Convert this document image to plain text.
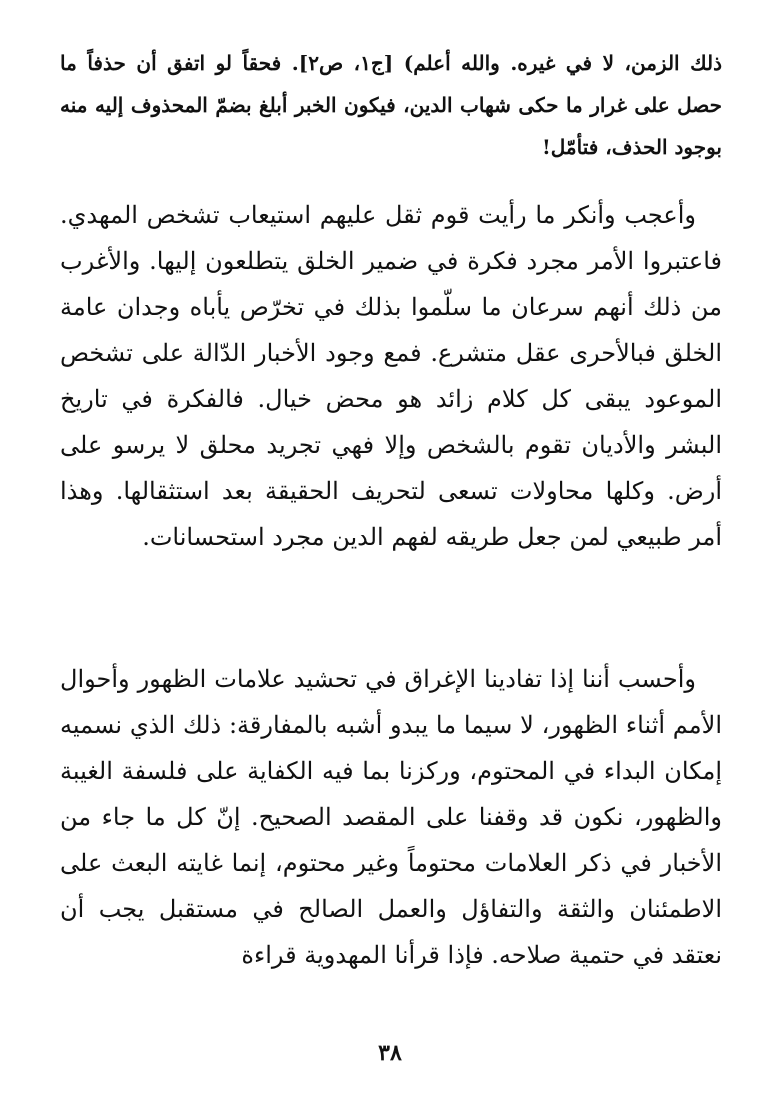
ذلك الزمن، لا في غيره. والله أعلم) [ج١، ص٢]. فحقاً لو اتفق أن حذفاً ما حصل على غرار ما حكى شهاب الدين، فيكون الخبر أبلغ بضمّ المحذوف إليه منه بوجود الحذف، فتأمّل!

وأعجب وأنكر ما رأيت قوم ثقل عليهم استيعاب تشخص المهدي. فاعتبروا الأمر مجرد فكرة في ضمير الخلق يتطلعون إليها. والأغرب من ذلك أنهم سرعان ما سلّموا بذلك في تخرّص يأباه وجدان عامة الخلق فبالأحرى عقل متشرع. فمع وجود الأخبار الدّالة على تشخص الموعود يبقى كل كلام زائد هو محض خيال. فالفكرة في تاريخ البشر والأديان تقوم بالشخص وإلا فهي تجريد محلق لا يرسو على أرض. وكلها محاولات تسعى لتحريف الحقيقة بعد استثقالها. وهذا أمر طبيعي لمن جعل طريقه لفهم الدين مجرد استحسانات.

وأحسب أننا إذا تفادينا الإغراق في تحشيد علامات الظهور وأحوال الأمم أثناء الظهور، لا سيما ما يبدو أشبه بالمفارقة: ذلك الذي نسميه إمكان البداء في المحتوم، وركزنا بما فيه الكفاية على فلسفة الغيبة والظهور، نكون قد وقفنا على المقصد الصحيح. إنّ كل ما جاء من الأخبار في ذكر العلامات محتوماً وغير محتوم، إنما غايته البعث على الاطمئنان والثقة والتفاؤل والعمل الصالح في مستقبل يجب أن نعتقد في حتمية صلاحه. فإذا قرأنا المهدوية قراءة

٣٨
